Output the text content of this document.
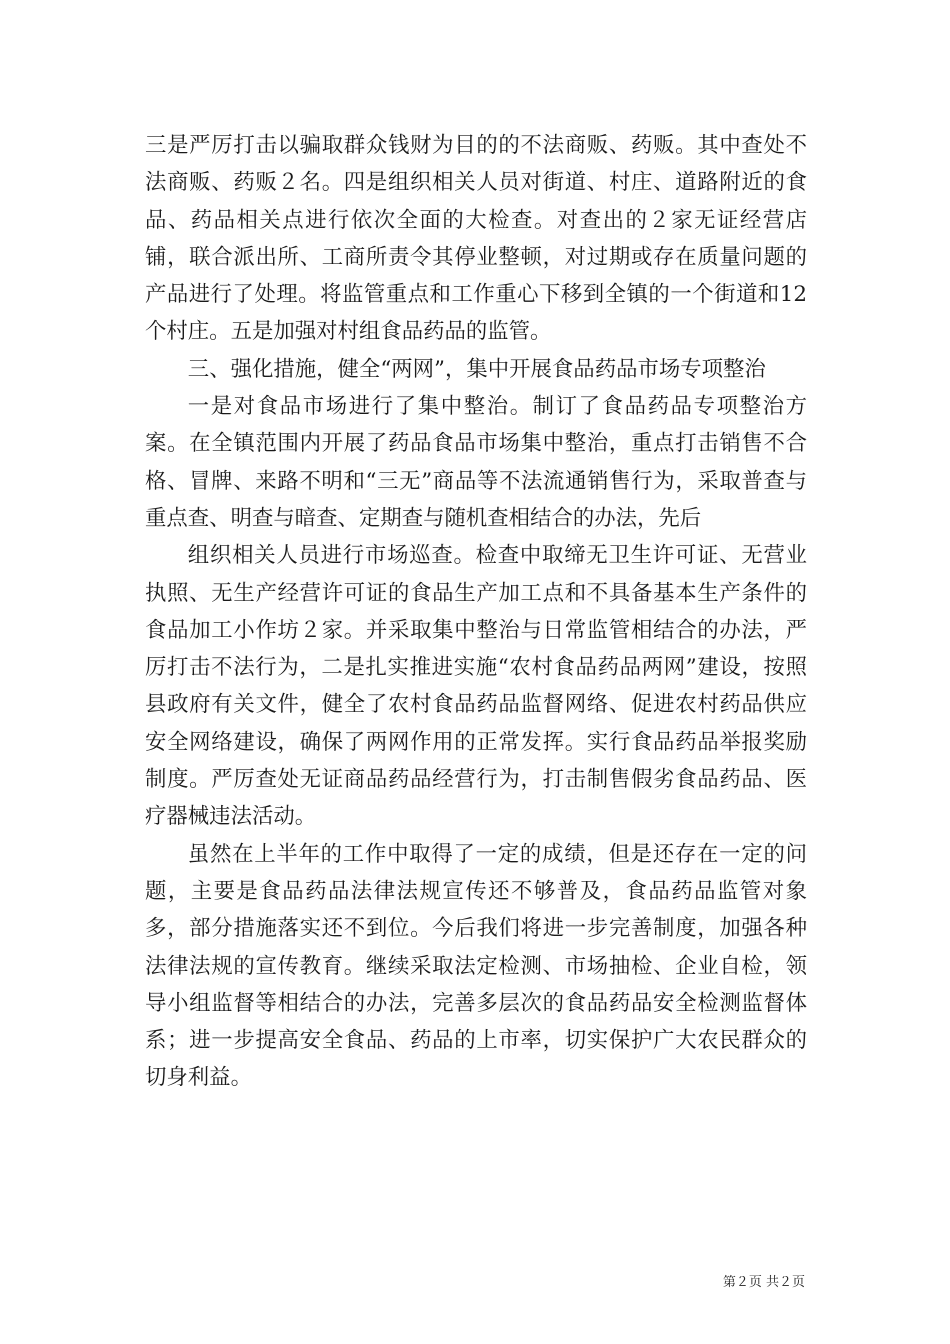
三是严厉打击以骗取群众钱财为目的的不法商贩、药贩。其中查处不法商贩、药贩２名。四是组织相关人员对街道、村庄、道路附近的食品、药品相关点进行依次全面的大检查。对查出的２家无证经营店铺，联合派出所、工商所责令其停业整顿，对过期或存在质量问题的产品进行了处理。将监管重点和工作重心下移到全镇的一个街道和12个村庄。五是加强对村组食品药品的监管。

三、强化措施，健全“两网”，集中开展食品药品市场专项整治

一是对食品市场进行了集中整治。制订了食品药品专项整治方案。在全镇范围内开展了药品食品市场集中整治，重点打击销售不合格、冒牌、来路不明和“三无”商品等不法流通销售行为，采取普查与重点查、明查与暗查、定期查与随机查相结合的办法，先后

组织相关人员进行市场巡查。检查中取缔无卫生许可证、无营业执照、无生产经营许可证的食品生产加工点和不具备基本生产条件的食品加工小作坊２家。并采取集中整治与日常监管相结合的办法，严厉打击不法行为，二是扎实推进实施“农村食品药品两网”建设，按照县政府有关文件，健全了农村食品药品监督网络、促进农村药品供应安全网络建设，确保了两网作用的正常发挥。实行食品药品举报奖励制度。严厉查处无证商品药品经营行为，打击制售假劣食品药品、医疗器械违法活动。

虽然在上半年的工作中取得了一定的成绩，但是还存在一定的问题，主要是食品药品法律法规宣传还不够普及，食品药品监管对象多，部分措施落实还不到位。今后我们将进一步完善制度，加强各种法律法规的宣传教育。继续采取法定检测、市场抽检、企业自检，领导小组监督等相结合的办法，完善多层次的食品药品安全检测监督体系；进一步提高安全食品、药品的上市率，切实保护广大农民群众的切身利益。

第２页 共２页
